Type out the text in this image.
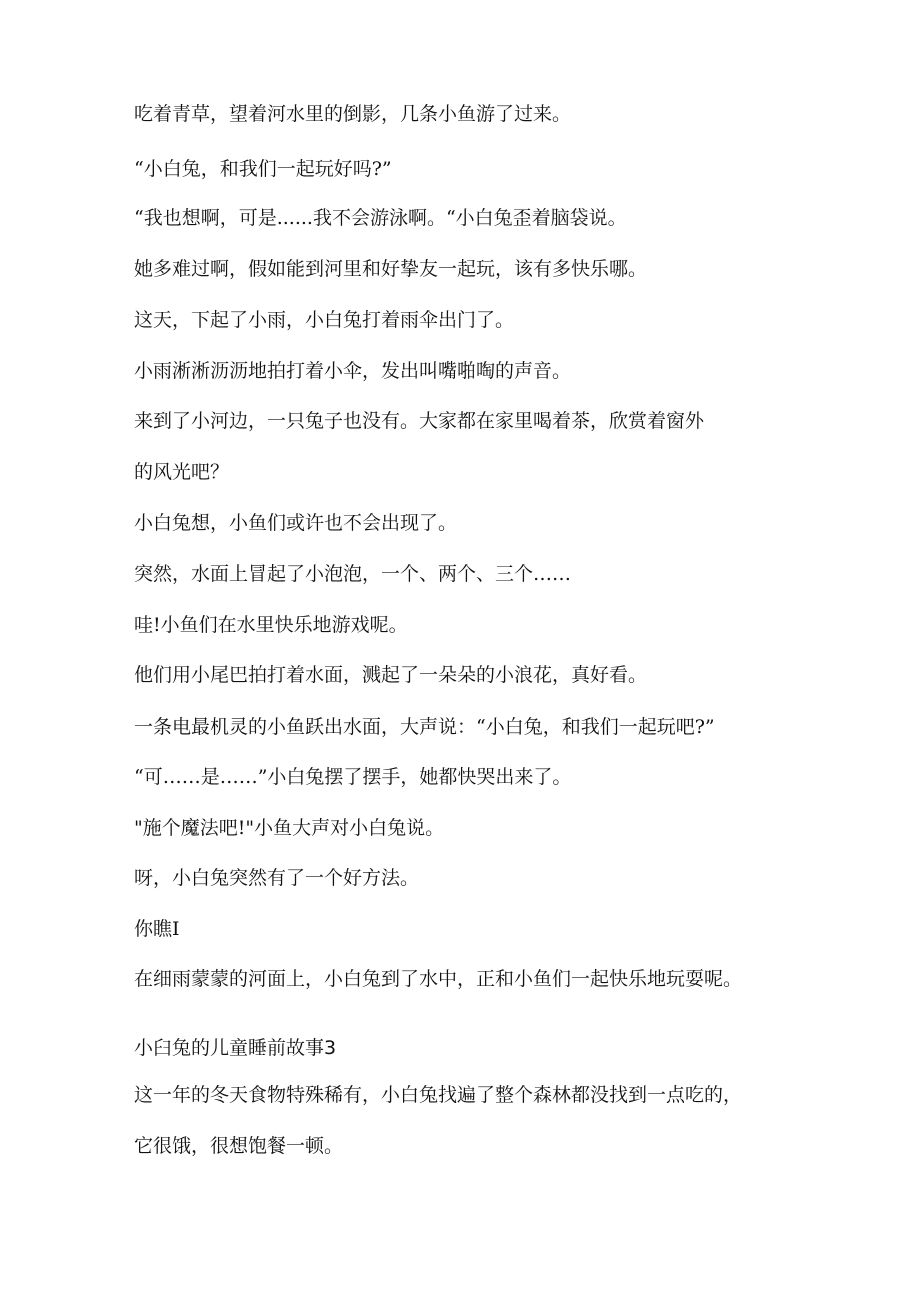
吃着青草，望着河水里的倒影，几条小鱼游了过来。

“小白兔，和我们一起玩好吗?”

“我也想啊，可是......我不会游泳啊。“小白兔歪着脑袋说。

她多难过啊，假如能到河里和好挚友一起玩，该有多快乐哪。

这天，下起了小雨，小白兔打着雨伞出门了。

小雨淅淅沥沥地拍打着小伞，发出叫嘴啪啕的声音。

来到了小河边，一只兔子也没有。大家都在家里喝着茶，欣赏着窗外

的风光吧？

小白兔想，小鱼们或许也不会出现了。

突然，水面上冒起了小泡泡，一个、两个、三个……

哇!小鱼们在水里快乐地游戏呢。

他们用小尾巴拍打着水面，溅起了一朵朵的小浪花，真好看。

一条电最机灵的小鱼跃出水面，大声说：“小白兔，和我们一起玩吧?”

“可……是……”小白兔摆了摆手，她都快哭出来了。

"施个魔法吧!"小鱼大声对小白兔说。

呀，小白兔突然有了一个好方法。

你瞧I

在细雨蒙蒙的河面上，小白兔到了水中，正和小鱼们一起快乐地玩耍呢。

小臼兔的儿童睡前故事3

这一年的冬天食物特殊稀有，小白兔找遍了整个森林都没找到一点吃的，

它很饿，很想饱餐一顿。
